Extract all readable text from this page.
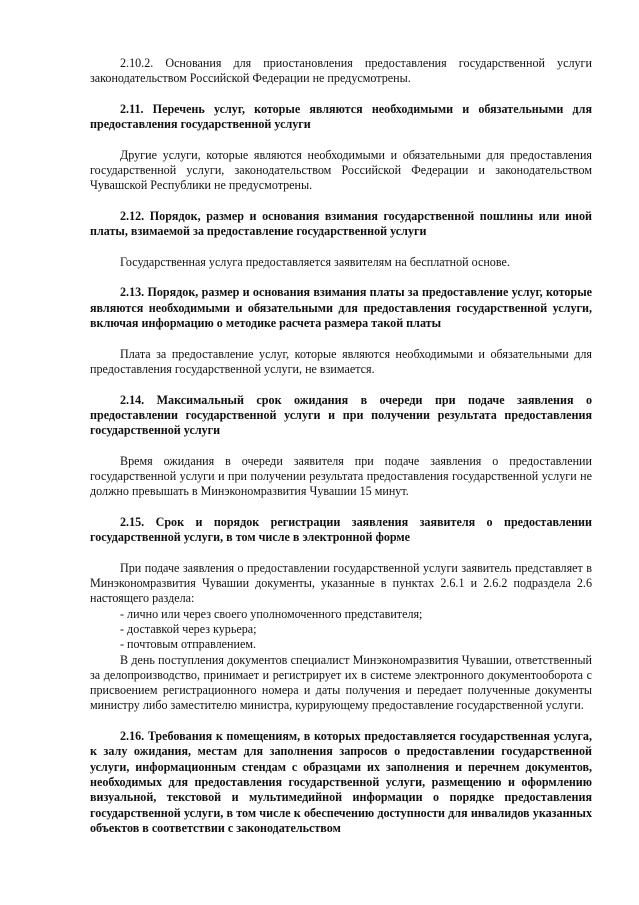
2.10.2. Основания для приостановления предоставления государственной услуги законодательством Российской Федерации не предусмотрены.

2.11. Перечень услуг, которые являются необходимыми и обязательными для предоставления государственной услуги

Другие услуги, которые являются необходимыми и обязательными для предоставления государственной услуги, законодательством Российской Федерации и законодательством Чувашской Республики не предусмотрены.

2.12. Порядок, размер и основания взимания государственной пошлины или иной платы, взимаемой за предоставление государственной услуги

Государственная услуга предоставляется заявителям на бесплатной основе.

2.13. Порядок, размер и основания взимания платы за предоставление услуг, которые являются необходимыми и обязательными для предоставления государственной услуги, включая информацию о методике расчета размера такой платы

Плата за предоставление услуг, которые являются необходимыми и обязательными для предоставления государственной услуги, не взимается.

2.14. Максимальный срок ожидания в очереди при подаче заявления о предоставлении государственной услуги и при получении результата предоставления государственной услуги

Время ожидания в очереди заявителя при подаче заявления о предоставлении государственной услуги и при получении результата предоставления государственной услуги не должно превышать в Минэкономразвития Чувашии 15 минут.

2.15. Срок и порядок регистрации заявления заявителя о предоставлении государственной услуги, в том числе в электронной форме

При подаче заявления о предоставлении государственной услуги заявитель представляет в Минэкономразвития Чувашии документы, указанные в пунктах 2.6.1 и 2.6.2 подраздела 2.6 настоящего раздела:

- лично или через своего уполномоченного представителя;

- доставкой через курьера;

- почтовым отправлением.

В день поступления документов специалист Минэкономразвития Чувашии, ответственный за делопроизводство, принимает и регистрирует их в системе электронного документооборота с присвоением регистрационного номера и даты получения и передает полученные документы министру либо заместителю министра, курирующему предоставление государственной услуги.

2.16. Требования к помещениям, в которых предоставляется государственная услуга, к залу ожидания, местам для заполнения запросов о предоставлении государственной услуги, информационным стендам с образцами их заполнения и перечнем документов, необходимых для предоставления государственной услуги, размещению и оформлению визуальной, текстовой и мультимедийной информации о порядке предоставления государственной услуги, в том числе к обеспечению доступности для инвалидов указанных объектов в соответствии с законодательством
